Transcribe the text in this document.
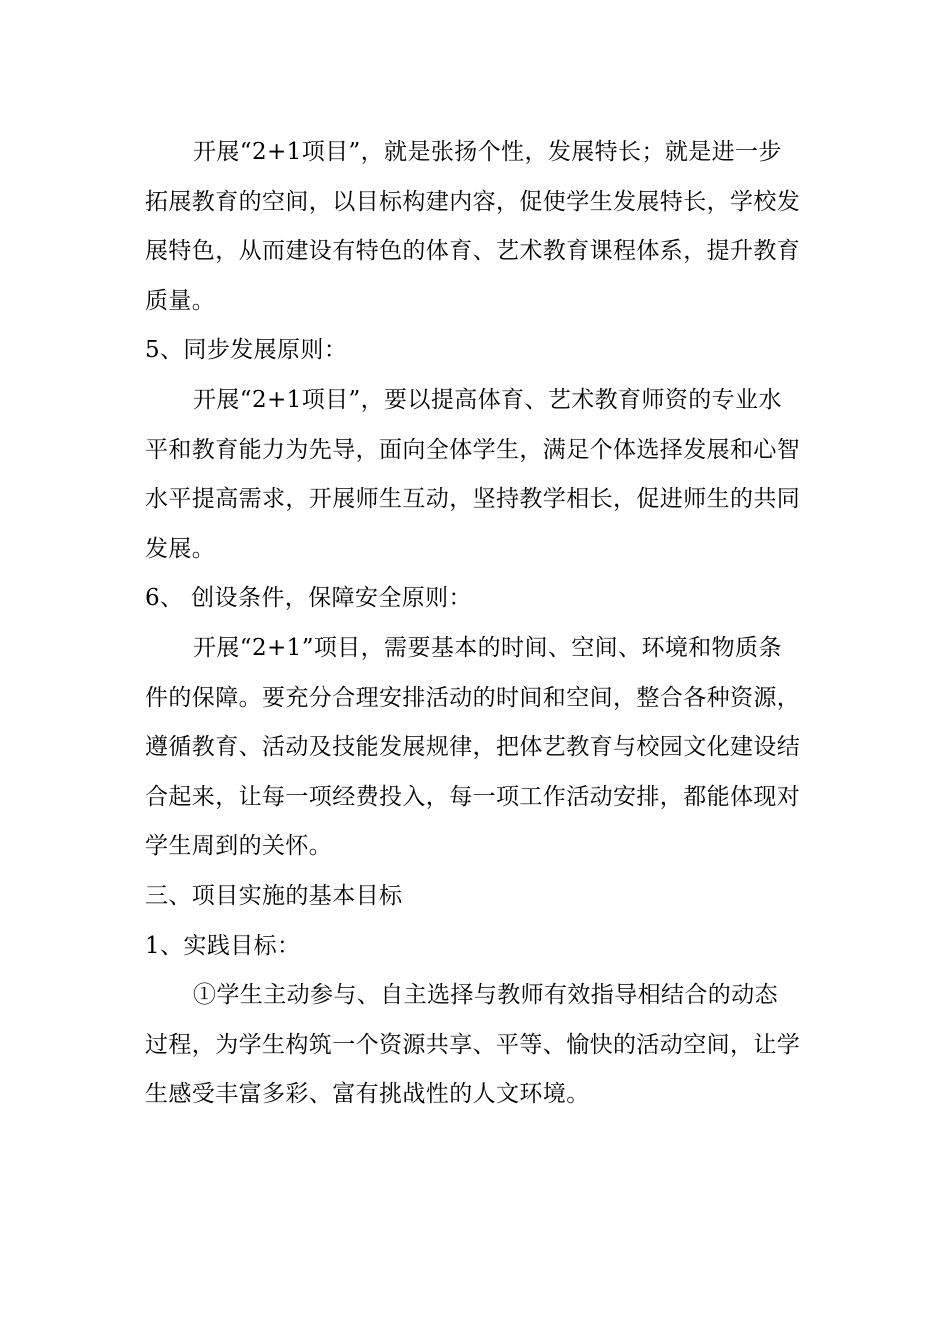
开展“2+1项目”，就是张扬个性，发展特长；就是进一步
拓展教育的空间，以目标构建内容，促使学生发展特长，学校发
展特色，从而建设有特色的体育、艺术教育课程体系，提升教育
质量。
5、同步发展原则：
开展“2+1项目”，要以提高体育、艺术教育师资的专业水
平和教育能力为先导，面向全体学生，满足个体选择发展和心智
水平提高需求，开展师生互动，坚持教学相长，促进师生的共同
发展。
6、 创设条件，保障安全原则：
开展“2+1”项目，需要基本的时间、空间、环境和物质条
件的保障。要充分合理安排活动的时间和空间，整合各种资源，
遵循教育、活动及技能发展规律，把体艺教育与校园文化建设结
合起来，让每一项经费投入，每一项工作活动安排，都能体现对
学生周到的关怀。
三、项目实施的基本目标
1、实践目标：
①学生主动参与、自主选择与教师有效指导相结合的动态
过程，为学生构筑一个资源共享、平等、愉快的活动空间，让学
生感受丰富多彩、富有挑战性的人文环境。
